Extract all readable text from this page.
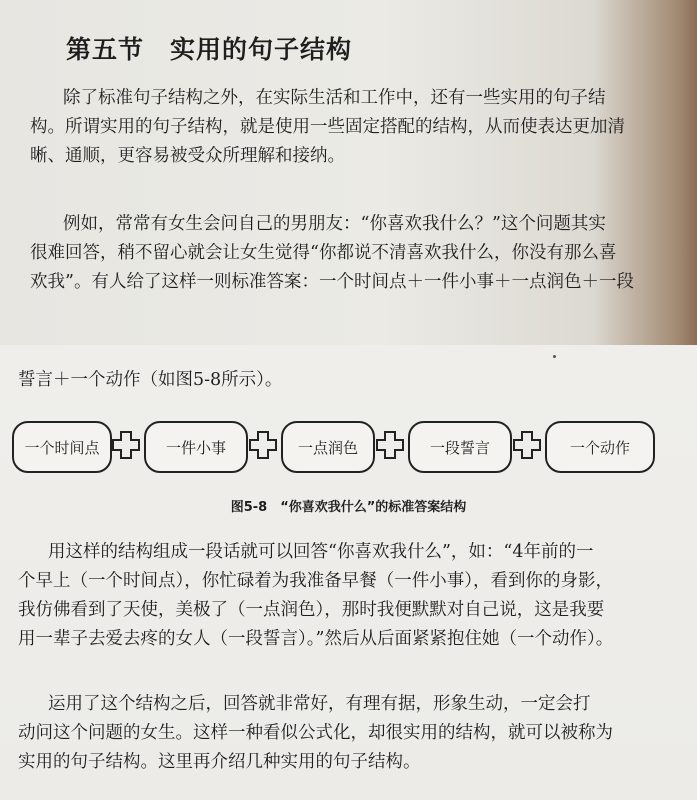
第五节　实用的句子结构

除了标准句子结构之外，在实际生活和工作中，还有一些实用的句子结
构。所谓实用的句子结构，就是使用一些固定搭配的结构，从而使表达更加清
晰、通顺，更容易被受众所理解和接纳。

例如，常常有女生会问自己的男朋友：“你喜欢我什么？”这个问题其实
很难回答，稍不留心就会让女生觉得“你都说不清喜欢我什么，你没有那么喜
欢我”。有人给了这样一则标准答案：一个时间点＋一件小事＋一点润色＋一段

誓言＋一个动作（如图5-8所示）。

一个时间点	一件小事	一点润色	一段誓言	一个动作
图5-8　“你喜欢我什么”的标准答案结构

用这样的结构组成一段话就可以回答“你喜欢我什么”，如：“4年前的一
个早上（一个时间点），你忙碌着为我准备早餐（一件小事），看到你的身影，
我仿佛看到了天使，美极了（一点润色），那时我便默默对自己说，这是我要
用一辈子去爱去疼的女人（一段誓言）。”然后从后面紧紧抱住她（一个动作）。

运用了这个结构之后，回答就非常好，有理有据，形象生动，一定会打
动问这个问题的女生。这样一种看似公式化，却很实用的结构，就可以被称为
实用的句子结构。这里再介绍几种实用的句子结构。
